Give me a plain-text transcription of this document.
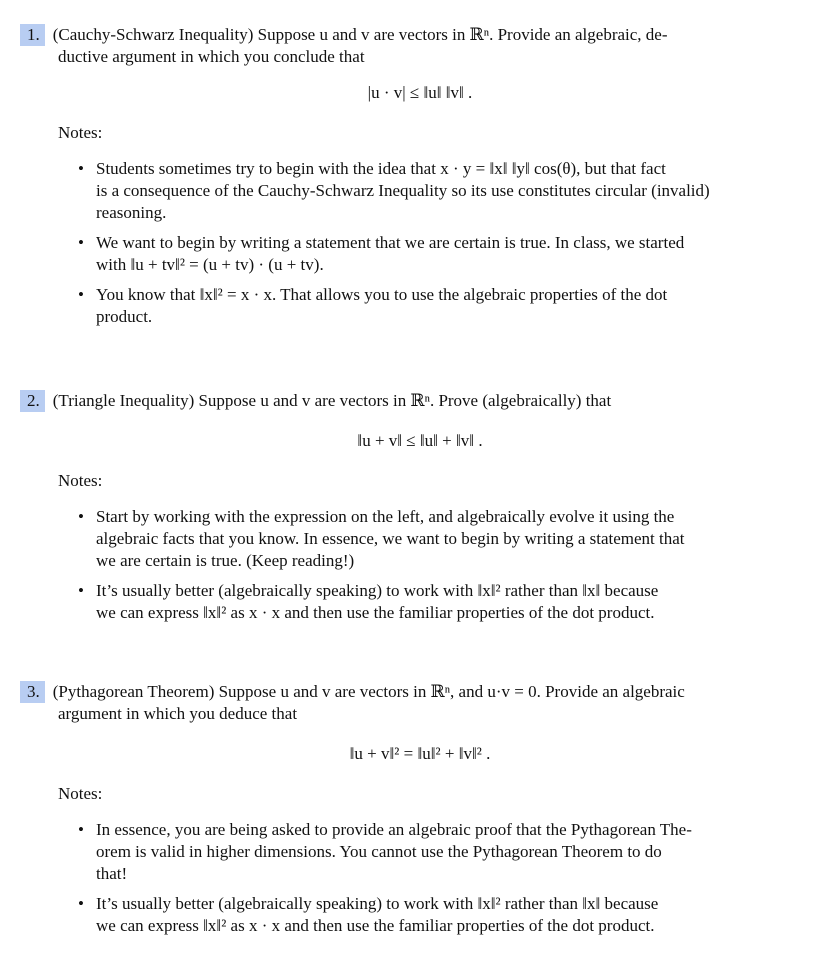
1. (Cauchy-Schwarz Inequality) Suppose u and v are vectors in ℝⁿ. Provide an algebraic, de-
ductive argument in which you conclude that
|u · v| ≤ ‖u‖ ‖v‖ .
Notes:
• Students sometimes try to begin with the idea that x · y = ‖x‖ ‖y‖ cos(θ), but that fact
is a consequence of the Cauchy-Schwarz Inequality so its use constitutes circular (invalid)
reasoning.
• We want to begin by writing a statement that we are certain is true. In class, we started
with ‖u + tv‖² = (u + tv) · (u + tv).
• You know that ‖x‖² = x · x. That allows you to use the algebraic properties of the dot
product.
2. (Triangle Inequality) Suppose u and v are vectors in ℝⁿ. Prove (algebraically) that
‖u + v‖ ≤ ‖u‖ + ‖v‖ .
Notes:
• Start by working with the expression on the left, and algebraically evolve it using the
algebraic facts that you know. In essence, we want to begin by writing a statement that
we are certain is true. (Keep reading!)
• It’s usually better (algebraically speaking) to work with ‖x‖² rather than ‖x‖ because
we can express ‖x‖² as x · x and then use the familiar properties of the dot product.
3. (Pythagorean Theorem) Suppose u and v are vectors in ℝⁿ, and u·v = 0. Provide an algebraic
argument in which you deduce that
‖u + v‖² = ‖u‖² + ‖v‖² .
Notes:
• In essence, you are being asked to provide an algebraic proof that the Pythagorean The-
orem is valid in higher dimensions. You cannot use the Pythagorean Theorem to do
that!
• It’s usually better (algebraically speaking) to work with ‖x‖² rather than ‖x‖ because
we can express ‖x‖² as x · x and then use the familiar properties of the dot product.
